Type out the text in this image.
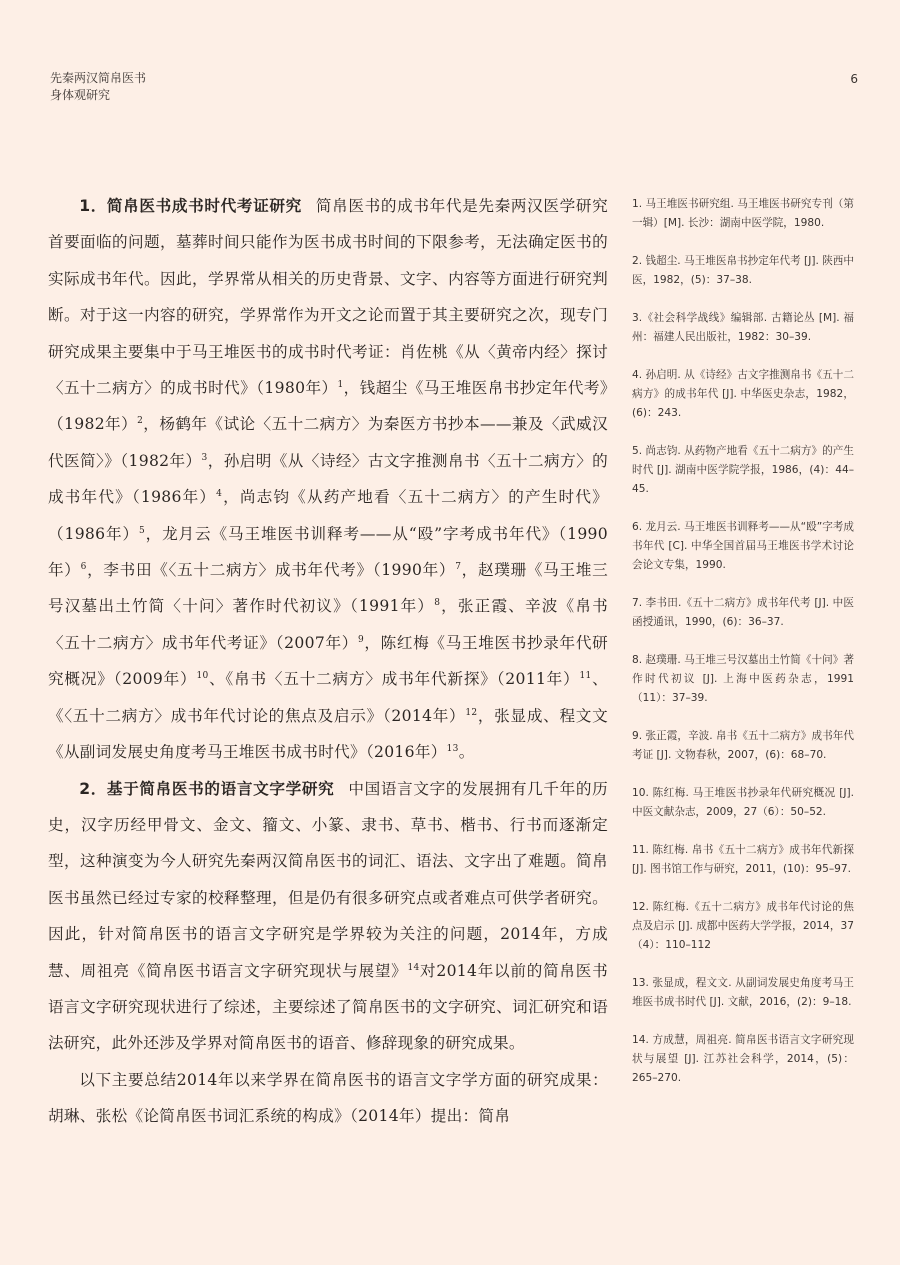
先秦两汉简帛医书
身体观研究
6

1．简帛医书成书时代考证研究 简帛医书的成书年代是先秦两汉医学研究首要面临的问题，墓葬时间只能作为医书成书时间的下限参考，无法确定医书的实际成书年代。因此，学界常从相关的历史背景、文字、内容等方面进行研究判断。对于这一内容的研究，学界常作为开文之论而置于其主要研究之次，现专门研究成果主要集中于马王堆医书的成书时代考证：肖佐桃《从〈黄帝内经〉探讨〈五十二病方〉的成书时代》（1980年）$^1$，钱超尘《马王堆医帛书抄定年代考》（1982年）$^2$，杨鹤年《试论〈五十二病方〉为秦医方书抄本——兼及〈武威汉代医简〉》（1982年）$^3$，孙启明《从〈诗经〉古文字推测帛书〈五十二病方〉的成书年代》（1986年）$^4$，尚志钧《从药产地看〈五十二病方〉的产生时代》（1986年）$^5$，龙月云《马王堆医书训释考——从“殴”字考成书年代》（1990年）$^6$，李书田《〈五十二病方〉成书年代考》（1990年）$^7$，赵璞珊《马王堆三号汉墓出土竹简〈十问〉著作时代初议》（1991年）$^8$，张正霞、辛波《帛书〈五十二病方〉成书年代考证》（2007年）$^9$，陈红梅《马王堆医书抄录年代研究概况》（2009年）$^{10}$、《帛书〈五十二病方〉成书年代新探》（2011年）$^{11}$、《〈五十二病方〉成书年代讨论的焦点及启示》（2014年）$^{12}$，张显成、程文文《从副词发展史角度考马王堆医书成书时代》（2016年）$^{13}$。

2．基于简帛医书的语言文字学研究 中国语言文字的发展拥有几千年的历史，汉字历经甲骨文、金文、籀文、小篆、隶书、草书、楷书、行书而逐渐定型，这种演变为今人研究先秦两汉简帛医书的词汇、语法、文字出了难题。简帛医书虽然已经过专家的校释整理，但是仍有很多研究点或者难点可供学者研究。因此，针对简帛医书的语言文字研究是学界较为关注的问题，2014年，方成慧、周祖亮《简帛医书语言文字研究现状与展望》$^{14}$对2014年以前的简帛医书语言文字研究现状进行了综述，主要综述了简帛医书的文字研究、词汇研究和语法研究，此外还涉及学界对简帛医书的语音、修辞现象的研究成果。

以下主要总结2014年以来学界在简帛医书的语言文字学方面的研究成果：胡琳、张松《论简帛医书词汇系统的构成》（2014年）提出：简帛

1. 马王堆医书研究组. 马王堆医书研究专刊（第一辑）[M]. 长沙：湖南中医学院，1980.
2. 钱超尘. 马王堆医帛书抄定年代考 [J]. 陕西中医，1982，(5)：37–38.
3.《社会科学战线》编辑部. 古籍论丛 [M]. 福州：福建人民出版社，1982：30–39.
4. 孙启明. 从《诗经》古文字推测帛书《五十二病方》的成书年代 [J]. 中华医史杂志，1982，(6)：243.
5. 尚志钧. 从药物产地看《五十二病方》的产生时代 [J]. 湖南中医学院学报，1986，(4)：44–45.
6. 龙月云. 马王堆医书训释考——从“殴”字考成书年代 [C]. 中华全国首届马王堆医书学术讨论会论文专集，1990.
7. 李书田.《五十二病方》成书年代考 [J]. 中医函授通讯，1990，(6)：36–37.
8. 赵璞珊. 马王堆三号汉墓出土竹简《十问》著作时代初议 [J]. 上海中医药杂志，1991（11）：37–39.
9. 张正霞，辛波. 帛书《五十二病方》成书年代考证 [J]. 文物春秋，2007，(6)：68–70.
10. 陈红梅. 马王堆医书抄录年代研究概况 [J]. 中医文献杂志，2009，27（6）：50–52.
11. 陈红梅. 帛书《五十二病方》成书年代新探 [J]. 图书馆工作与研究，2011，(10)：95–97.
12. 陈红梅.《五十二病方》成书年代讨论的焦点及启示 [J]. 成都中医药大学学报，2014，37（4）：110–112
13. 张显成，程文文. 从副词发展史角度考马王堆医书成书时代 [J]. 文献，2016，(2)：9–18.
14. 方成慧，周祖亮. 简帛医书语言文字研究现状与展望 [J]. 江苏社会科学，2014，(5)：265–270.
